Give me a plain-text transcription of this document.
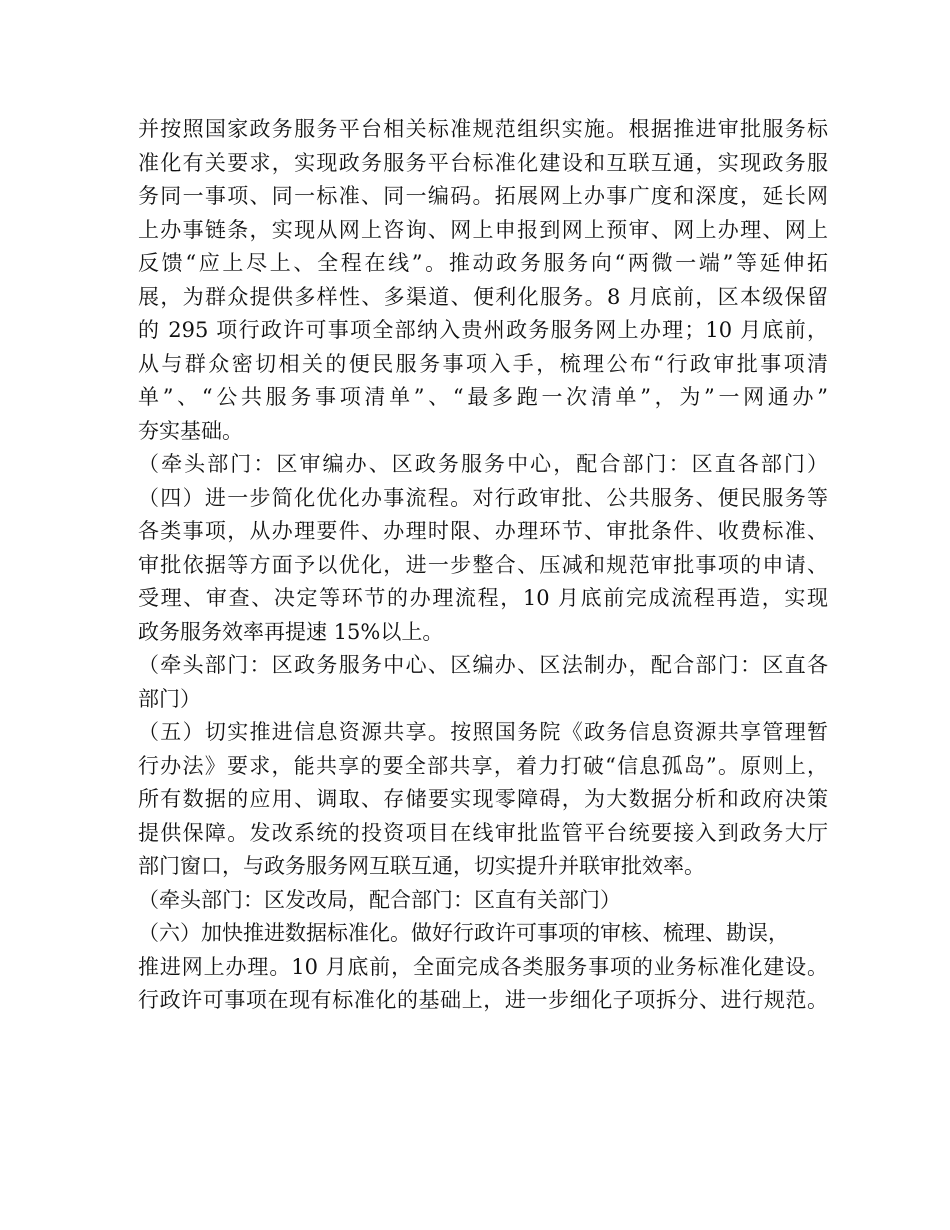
并按照国家政务服务平台相关标准规范组织实施。根据推进审批服务标
准化有关要求，实现政务服务平台标准化建设和互联互通，实现政务服
务同一事项、同一标准、同一编码。拓展网上办事广度和深度，延长网
上办事链条，实现从网上咨询、网上申报到网上预审、网上办理、网上
反馈“应上尽上、全程在线”。推动政务服务向“两微一端”等延伸拓
展，为群众提供多样性、多渠道、便利化服务。8 月底前，区本级保留
的 295 项行政许可事项全部纳入贵州政务服务网上办理；10 月底前，
从与群众密切相关的便民服务事项入手，梳理公布“行政审批事项清
单”、“公共服务事项清单”、“最多跑一次清单”，为”一网通办”
夯实基础。
（牵头部门：区审编办、区政务服务中心，配合部门：区直各部门）
（四）进一步简化优化办事流程。对行政审批、公共服务、便民服务等
各类事项，从办理要件、办理时限、办理环节、审批条件、收费标准、
审批依据等方面予以优化，进一步整合、压减和规范审批事项的申请、
受理、审查、决定等环节的办理流程，10 月底前完成流程再造，实现
政务服务效率再提速 15%以上。
（牵头部门：区政务服务中心、区编办、区法制办，配合部门：区直各
部门）
（五）切实推进信息资源共享。按照国务院《政务信息资源共享管理暂
行办法》要求，能共享的要全部共享，着力打破“信息孤岛”。原则上，
所有数据的应用、调取、存储要实现零障碍，为大数据分析和政府决策
提供保障。发改系统的投资项目在线审批监管平台统要接入到政务大厅
部门窗口，与政务服务网互联互通，切实提升并联审批效率。
（牵头部门：区发改局，配合部门：区直有关部门）
（六）加快推进数据标准化。做好行政许可事项的审核、梳理、勘误，
推进网上办理。10 月底前，全面完成各类服务事项的业务标准化建设。
行政许可事项在现有标准化的基础上，进一步细化子项拆分、进行规范。
